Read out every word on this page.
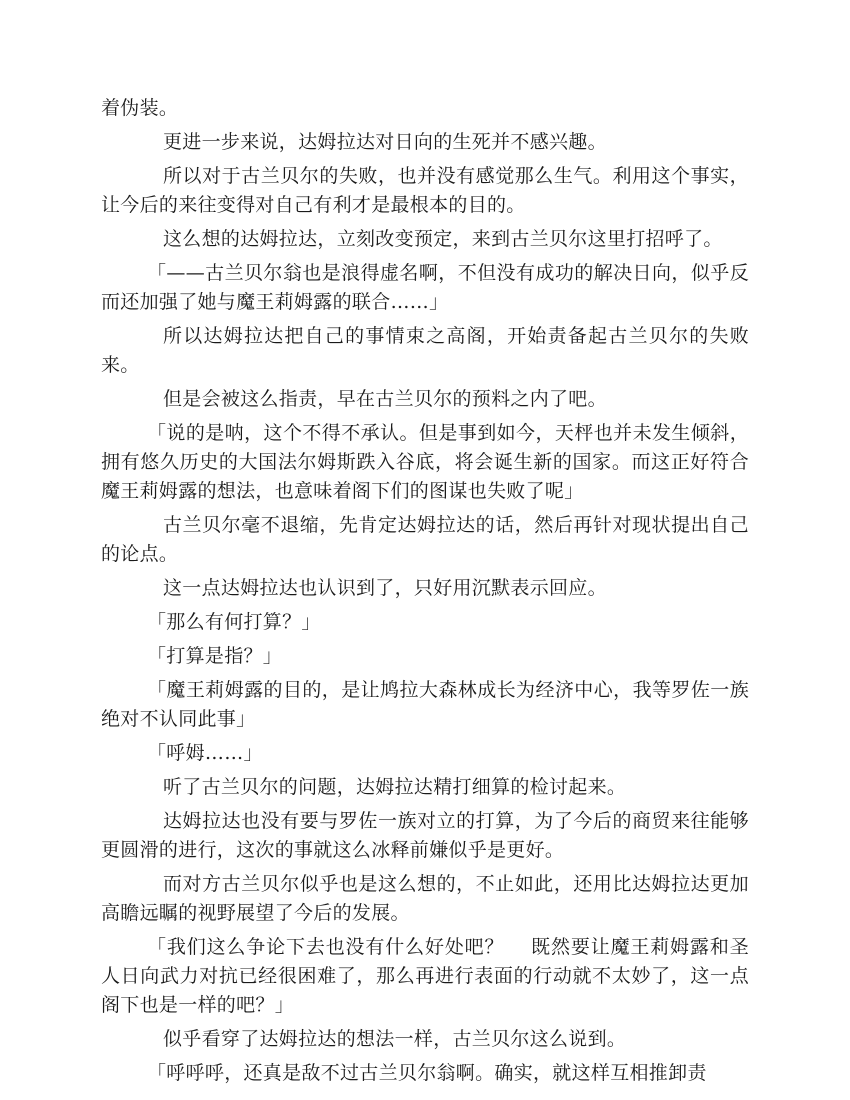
着伪装。

更进一步来说，达姆拉达对日向的生死并不感兴趣。

所以对于古兰贝尔的失败，也并没有感觉那么生气。利用这个事实，让今后的来往变得对自己有利才是最根本的目的。

这么想的达姆拉达，立刻改变预定，来到古兰贝尔这里打招呼了。

「——古兰贝尔翁也是浪得虚名啊，不但没有成功的解决日向，似乎反而还加强了她与魔王莉姆露的联合……」

所以达姆拉达把自己的事情束之高阁，开始责备起古兰贝尔的失败来。

但是会被这么指责，早在古兰贝尔的预料之内了吧。

「说的是呐，这个不得不承认。但是事到如今，天枰也并未发生倾斜，拥有悠久历史的大国法尔姆斯跌入谷底，将会诞生新的国家。而这正好符合魔王莉姆露的想法，也意味着阁下们的图谋也失败了呢」

古兰贝尔毫不退缩，先肯定达姆拉达的话，然后再针对现状提出自己的论点。

这一点达姆拉达也认识到了，只好用沉默表示回应。

「那么有何打算？」

「打算是指？」

「魔王莉姆露的目的，是让鸠拉大森林成长为经济中心，我等罗佐一族绝对不认同此事」

「呼姆……」

听了古兰贝尔的问题，达姆拉达精打细算的检讨起来。

达姆拉达也没有要与罗佐一族对立的打算，为了今后的商贸来往能够更圆滑的进行，这次的事就这么冰释前嫌似乎是更好。

而对方古兰贝尔似乎也是这么想的，不止如此，还用比达姆拉达更加高瞻远瞩的视野展望了今后的发展。

「我们这么争论下去也没有什么好处吧？　 既然要让魔王莉姆露和圣人日向武力对抗已经很困难了，那么再进行表面的行动就不太妙了，这一点阁下也是一样的吧？」

似乎看穿了达姆拉达的想法一样，古兰贝尔这么说到。

「呼呼呼，还真是敌不过古兰贝尔翁啊。确实，就这样互相推卸责
